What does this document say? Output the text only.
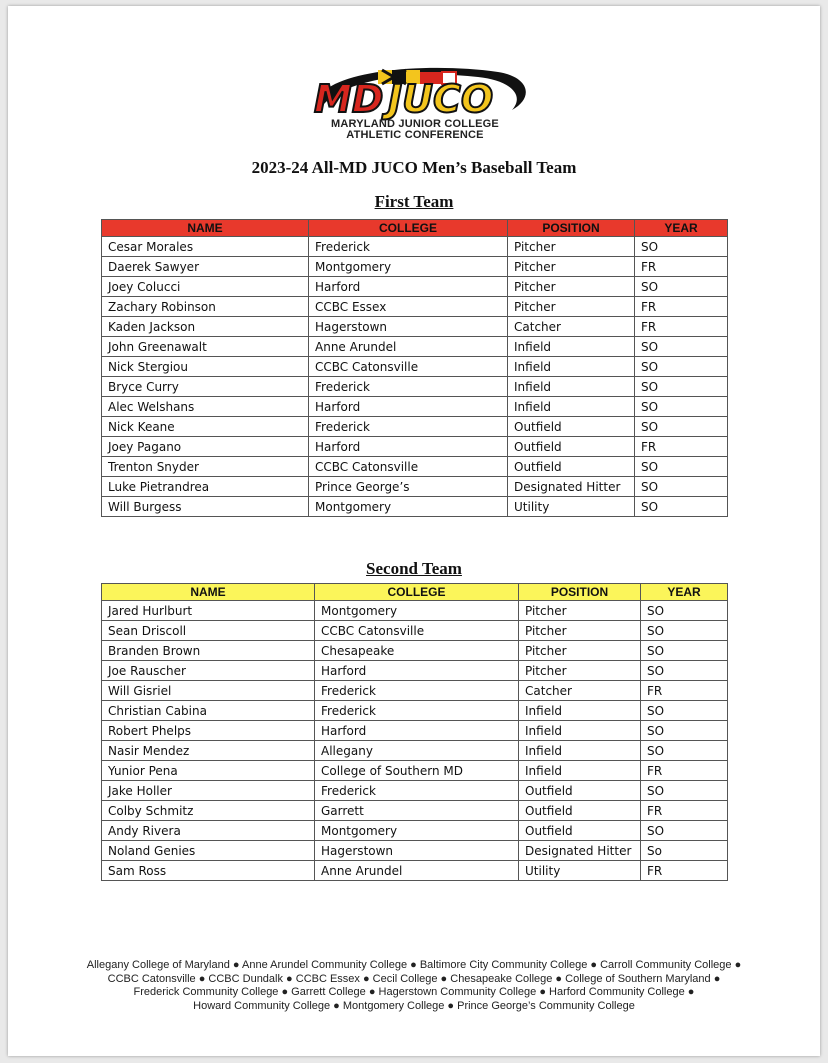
MD JUCO
MARYLAND JUNIOR COLLEGE
ATHLETIC CONFERENCE
2023-24 All-MD JUCO Men’s Baseball Team
First Team
NAME	COLLEGE	POSITION	YEAR
Cesar Morales	Frederick	Pitcher	SO
Daerek Sawyer	Montgomery	Pitcher	FR
Joey Colucci	Harford	Pitcher	SO
Zachary Robinson	CCBC Essex	Pitcher	FR
Kaden Jackson	Hagerstown	Catcher	FR
John Greenawalt	Anne Arundel	Infield	SO
Nick Stergiou	CCBC Catonsville	Infield	SO
Bryce Curry	Frederick	Infield	SO
Alec Welshans	Harford	Infield	SO
Nick Keane	Frederick	Outfield	SO
Joey Pagano	Harford	Outfield	FR
Trenton Snyder	CCBC Catonsville	Outfield	SO
Luke Pietrandrea	Prince George’s	Designated Hitter	SO
Will Burgess	Montgomery	Utility	SO
Second Team
NAME	COLLEGE	POSITION	YEAR
Jared Hurlburt	Montgomery	Pitcher	SO
Sean Driscoll	CCBC Catonsville	Pitcher	SO
Branden Brown	Chesapeake	Pitcher	SO
Joe Rauscher	Harford	Pitcher	SO
Will Gisriel	Frederick	Catcher	FR
Christian Cabina	Frederick	Infield	SO
Robert Phelps	Harford	Infield	SO
Nasir Mendez	Allegany	Infield	SO
Yunior Pena	College of Southern MD	Infield	FR
Jake Holler	Frederick	Outfield	SO
Colby Schmitz	Garrett	Outfield	FR
Andy Rivera	Montgomery	Outfield	SO
Noland Genies	Hagerstown	Designated Hitter	So
Sam Ross	Anne Arundel	Utility	FR
Allegany College of Maryland ● Anne Arundel Community College ● Baltimore City Community College ● Carroll Community College ●
CCBC Catonsville ● CCBC Dundalk ● CCBC Essex ● Cecil College ● Chesapeake College ● College of Southern Maryland ●
Frederick Community College ● Garrett College ● Hagerstown Community College ● Harford Community College ●
Howard Community College ● Montgomery College ● Prince George’s Community College
